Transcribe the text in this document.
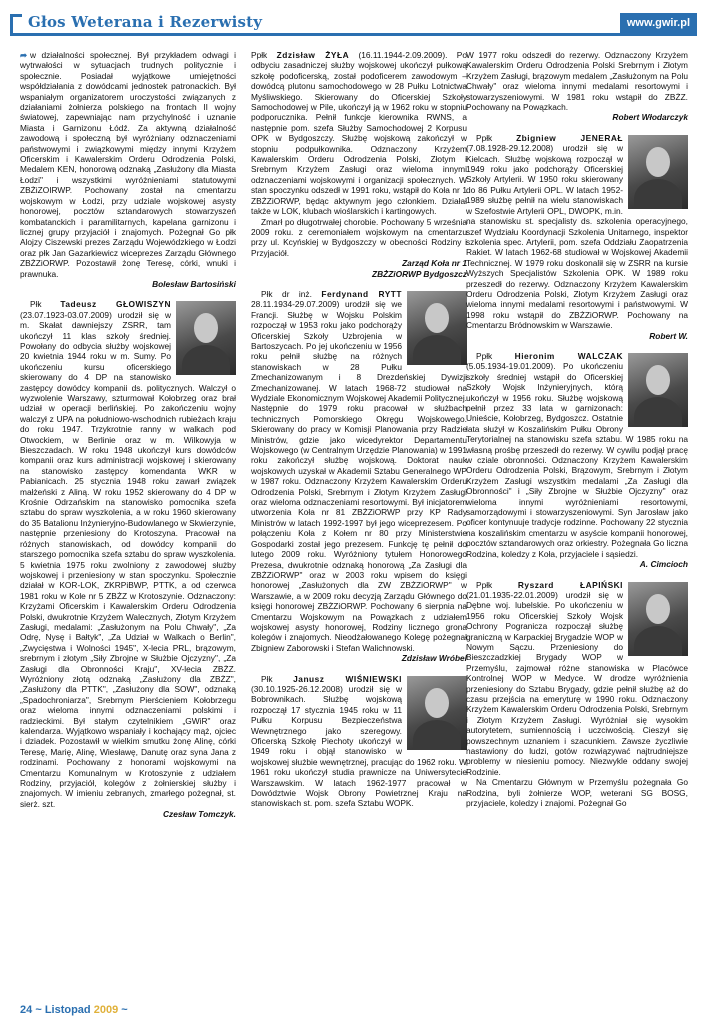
Głos Weterana i Rezerwisty	www.gwir.pl

➦ w działalności społecznej. Był przykładem odwagi i wytrwałości w sytuacjach trudnych politycznie i społecznie. Posiadał wyjątkowe umiejętności współdziałania z dowódcami jednostek patronackich. Był wspaniałym organizatorem uroczystości związanych z działaniami żołnierza polskiego na frontach II wojny światowej, zapewniając nam przychylność i uznanie Miasta i Garnizonu Łódź. Za aktywną działalność zawodową i społeczną był wyróżniany odznaczeniami państwowymi i związkowymi między innymi Krzyżem Oficerskim i Kawalerskim Orderu Odrodzenia Polski, Medalem KEN, honorową odznaką „Zasłużony dla Miasta Łodzi" i wszystkimi wyróżnieniami statutowymi ZBŻiZOIRWP. Pochowany został na cmentarzu wojskowym w Łodzi, przy udziale wojskowej asysty honorowej, pocztów sztandarowych stowarzyszeń kombatanckich i paramilitarnych, kapelana garnizonu i licznej grupy przyjaciół i znajomych. Pożegnał Go płk Alojzy Ciszewski prezes Zarządu Wojewódzkiego w Łodzi oraz płk Jan Gazarkiewicz wiceprezes Zarządu Głównego ZBŻZiORWP. Pozostawił żonę Teresę, córki, wnuki i prawnuka.

Bolesław Bartosiński

Płk Tadeusz GŁOWISZYN (23.07.1923-03.07.2009) urodził się w m. Skałat dawniejszy ZSRR, tam ukończył 11 klas szkoły średniej. Powołany do odbycia służby wojskowej 20 kwietnia 1944 roku w m. Sumy. Po ukończeniu kursu oficerskiego skierowany do 4 DP na stanowisko zastępcy dowódcy kompanii ds. politycznych. Walczył o wyzwolenie Warszawy, szturmował Kołobrzeg oraz brał udział w operacji berlińskiej. Po zakończeniu wojny walczył z UPA na południowo-wschodnich rubieżach kraju do roku 1947. Trzykrotnie ranny w walkach pod Otwockiem, w Berlinie oraz w m. Wilkowyja w Bieszczadach. W roku 1948 ukończył kurs dowódców kompanii oraz kurs administracji wojskowej i skierowany na stanowisko zastępcy komendanta WKR w Pabianicach. 25 stycznia 1948 roku zawarł związek małżeński z Aliną. W roku 1952 skierowany do 4 DP w Krośnie Odrzańskim na stanowisko pomocnika szefa sztabu do spraw wyszkolenia, a w roku 1960 skierowany do 35 Batalionu Inżynieryjno-Budowlanego w Skwierzynie, następnie przeniesiony do Krotoszyna. Pracował na różnych stanowiskach, od dowódcy kompanii do starszego pomocnika szefa sztabu do spraw wyszkolenia. 5 kwietnia 1975 roku zwolniony z zawodowej służby wojskowej i przeniesiony w stan spoczynku. Społecznie działał w KOR-LOK, ZKRPiBWP, PTTK, a od czerwca 1981 roku w Kole nr 5 ZBŻZ w Krotoszynie. Odznaczony: Krzyżami Oficerskim i Kawalerskim Orderu Odrodzenia Polski, dwukrotnie Krzyżem Walecznych, Złotym Krzyżem Zasługi, medalami: „Zasłużonym na Polu Chwały", „Za Odrę, Nysę i Bałtyk", „Za Udział w Walkach o Berlin", „Zwycięstwa i Wolności 1945", X-lecia PRL, brązowym, srebrnym i złotym „Siły Zbrojne w Służbie Ojczyzny", „Za Zasługi dla Obronności Kraju", XV-lecia ZBŻZ. Wyróżniony złotą odznaką „Zasłużony dla ZBŻZ", „Zasłużony dla PTTK", „Zasłużony dla SOW", odznaką „Spadochroniarza", Srebrnym Pierścieniem Kołobrzegu oraz wieloma innymi odznaczeniami polskimi i radzieckimi. Był stałym czytelnikiem „GWiR" oraz kalendarza. Wyjątkowo wspaniały i kochający mąż, ojciec i dziadek. Pozostawił w wielkim smutku żonę Alinę, córki Teresę, Marię, Alinę, Wiesławę, Danutę oraz syna Jana z rodzinami. Pochowany z honorami wojskowymi na Cmentarzu Komunalnym w Krotoszynie z udziałem Rodziny, przyjaciół, kolegów z żołnierskiej służby i znajomych. W imieniu zebranych, zmarłego pożegnał, st. sierż. szt.

Czesław Tomczyk.

Ppłk Zdzisław ŻYŁA (16.11.1944-2.09.2009). Po odbyciu zasadniczej służby wojskowej ukończył pułkową szkołę podoficerską, został podoficerem zawodowym – dowódcą plutonu samochodowego w 28 Pułku Lotnictwa Myśliwskiego. Skierowany do Oficerskiej Szkoły Samochodowej w Pile, ukończył ją w 1962 roku w stopniu podporucznika. Pełnił funkcje kierownika RWNS, a następnie pom. szefa Służby Samochodowej 2 Korpusu OPK w Bydgoszczy. Służbę wojskową zakończył w stopniu podpułkownika. Odznaczony Krzyżem Kawalerskim Orderu Odrodzenia Polski, Złotym i Srebrnym Krzyżem Zasługi oraz wieloma innymi odznaczeniami wojskowymi i organizacji społecznych. W stan spoczynku odszedł w 1991 roku, wstąpił do Koła nr 1 ZBŻZiORWP, będąc aktywnym jego członkiem. Działał także w LOK, klubach wioślarskich i kartingowych.

Zmarł po długotrwałej chorobie. Pochowany 5 września 2009 roku. z ceremoniałem wojskowym na cmentarzu przy ul. Kcyńskiej w Bydgoszczy w obecności Rodziny i Przyjaciół.

Zarząd Koła nr 1

ZBŻZiORWP Bydgoszcz

Płk dr inż. Ferdynand RYTT 28.11.1934-29.07.2009) urodził się we Francji. Służbę w Wojsku Polskim rozpoczął w 1953 roku jako podchorąży Oficerskiej Szkoły Uzbrojenia w Bartoszycach. Po jej ukończeniu w 1956 roku pełnił służbę na różnych stanowiskach w 28 Pułku Zmechanizowanym i 8 Drezdeńskiej Dywizji Zmechanizowanej. W latach 1968-72 studiował na Wydziale Ekonomicznym Wojskowej Akademii Politycznej. Następnie do 1979 roku pracował w służbach technicznych Pomorskiego Okręgu Wojskowego. Skierowany do pracy w Komisji Planowania przy Radzie Ministrów, gdzie jako wicedyrektor Departamentu Wojskowego (w Centralnym Urzędzie Planowania) w 1991 roku zakończył służbę wojskową. Doktorat nauk wojskowych uzyskał w Akademii Sztabu Generalnego WP w 1987 roku. Odznaczony Krzyżem Kawalerskim Orderu Odrodzenia Polski, Srebrnym i Złotym Krzyżem Zasługi oraz wieloma odznaczeniami resortowymi. Był inicjatorem utworzenia Koła nr 81 ZBŻZiORWP przy KP Rady Ministrów w latach 1992-1997 był jego wiceprezesem. Po połączeniu Koła z Kołem nr 80 przy Ministerstwie Gospodarki został jego prezesem. Funkcję tę pełnił do lutego 2009 roku. Wyróżniony tytułem Honorowego Prezesa, dwukrotnie odznaką honorową „Za Zasługi dla ZBŻZiORWP" oraz w 2003 roku wpisem do księgi honorowej „Zasłużonych dla ZW ZBŻZiORWP" w Warszawie, a w 2009 roku decyzją Zarządu Głównego do księgi honorowej ZBŻZiORWP. Pochowany 6 sierpnia na Cmentarzu Wojskowym na Powązkach z udziałem wojskowej asysty honorowej, Rodziny licznego grona kolegów i znajomych. Nieodżałowanego Kolegę pożegnał Zbigniew Zaborowski i Stefan Walichnowski.

Zdzisław Wróbel

Płk Janusz WIŚNIEWSKI (30.10.1925-26.12.2008) urodził się w Bobrownikach. Służbę wojskową rozpoczął 17 stycznia 1945 roku w 11 Pułku Korpusu Bezpieczeństwa Wewnętrznego jako szeregowy. Oficerską Szkołę Piechoty ukończył w 1949 roku i objął stanowisko w wojskowej służbie wewnętrznej, pracując do 1962 roku. W 1961 roku ukończył studia prawnicze na Uniwersytecie Warszawskim. W latach 1962-1977 pracował w Dowództwie Wojsk Obrony Powietrznej Kraju na stanowiskach st. pom. szefa Sztabu WOPK.

W 1977 roku odszedł do rezerwy. Odznaczony Krzyżem Kawalerskim Orderu Odrodzenia Polski Srebrnym i Złotym Krzyżem Zasługi, brązowym medalem „Zasłużonym na Polu Chwały" oraz wieloma innymi medalami resortowymi i stowarzyszeniowymi. W 1981 roku wstąpił do ZBŻZ. Pochowany na Powązkach.

Robert Włodarczyk

Ppłk	Zbigniew JENERAŁ (7.08.1928-29.12.2008) urodził się w Kielcach. Służbę wojskową rozpoczął w 1949 roku jako podchorąży Oficerskiej Szkoły Artylerii. W 1950 roku skierowany do 86 Pułku Artylerii OPL. W latach 1952-1989 służbę pełnił na wielu stanowiskach w Szefostwie Artylerii OPL, DWOPK, m.in. na stanowisku st. specjalisty ds. szkolenia operacyjnego, szef Wydziału Koordynacji Szkolenia Unitarnego, inspektor szkolenia spec. Artylerii, pom. szefa Oddziału Zaopatrzenia Rakiet. W latach 1962-68 studiował w Wojskowej Akademii Technicznej. W 1979 roku doskonalił się w ZSRR na kursie Wyższych Specjalistów Szkolenia OPK. W 1989 roku przeszedł do rezerwy. Odznaczony Krzyżem Kawalerskim Orderu Odrodzenia Polski, Złotym Krzyżem Zasługi oraz wieloma innymi medalami resortowymi i państwowymi. W 1998 roku wstąpił do ZBŻZiORWP. Pochowany na Cmentarzu Bródnowskim w Warszawie.

Robert W.

Ppłk	Hieronim WALCZAK (5.05.1934-19.01.2009). Po ukończeniu szkoły średniej wstąpił do Oficerskiej Szkoły Wojsk Inżynieryjnych, którą ukończył w 1956 roku. Służbę wojskową pełnił przez 33 lata w garnizonach: Unieście, Kołobrzeg, Bydgoszcz. Ostatnie lata służył w Koszalińskim Pułku Obrony Terytorialnej na stanowisku szefa sztabu. W 1985 roku na własną prośbę przeszedł do rezerwy. W cywilu podjął pracę w cziale obronności. Odznaczony Krzyżem Kawalerskim Orderu Odrodzenia Polski, Brązowym, Srebrnym i Złotym Krzyżem Zasługi wszystkim medalami „Za Zasługi dla Obronności" i „Siły Zbrojne w Służbie Ojczyzny" oraz wieloma innymi wyróżnieniami resortowymi, samorządowymi i stowarzyszeniowymi. Syn Jarosław jako oficer kontynuuje tradycje rodzinne. Pochowany 22 stycznia na koszalińskim cmentarzu w asyście kompanii honorowej, pocztów sztandarowych oraz orkiestry. Pożegnała Go liczna Rodzina, koledzy z Koła, przyjaciele i sąsiedzi.

A. Cimcioch

Ppłk	Ryszard ŁAPIŃSKI (21.01.1935-22.01.2009) urodził się w Dębne woj. lubelskie. Po ukończeniu w 1956 roku Oficerskiej Szkoły Wojsk Ochrony Pogranicza rozpoczął służbę graniczną w Karpackiej Brygadzie WOP w Nowym Sączu. Przeniesiony do Bieszczadzkiej Brygady WOP w Przemyślu, zajmował różne stanowiska w Placówce Kontrolnej WOP w Medyce. W drodze wyróżnienia przeniesiony do Sztabu Brygady, gdzie pełnił służbę aż do czasu przejścia na emeryturę w 1990 roku. Odznaczony Krzyżem Kawalerskim Orderu Odrodzenia Polski, Srebrnym i Złotym Krzyżem Zasługi. Wyróżniał się wysokim autorytetem, sumiennością i uczciwością. Cieszył się powszechnym uznaniem i szacunkiem. Zawsze życzliwie nastawiony do ludzi, gotów rozwiązywać najtrudniejsze problemy w niesieniu pomocy. Niezwykle oddany swojej Rodzinie.

Na Cmentarzu Głównym w Przemyślu pożegnała Go Rodzina, byli żołnierze WOP, weterani SG BOSG, przyjaciele, koledzy i znajomi. Pożegnał Go

24 ~ Listopad 2009 ~
